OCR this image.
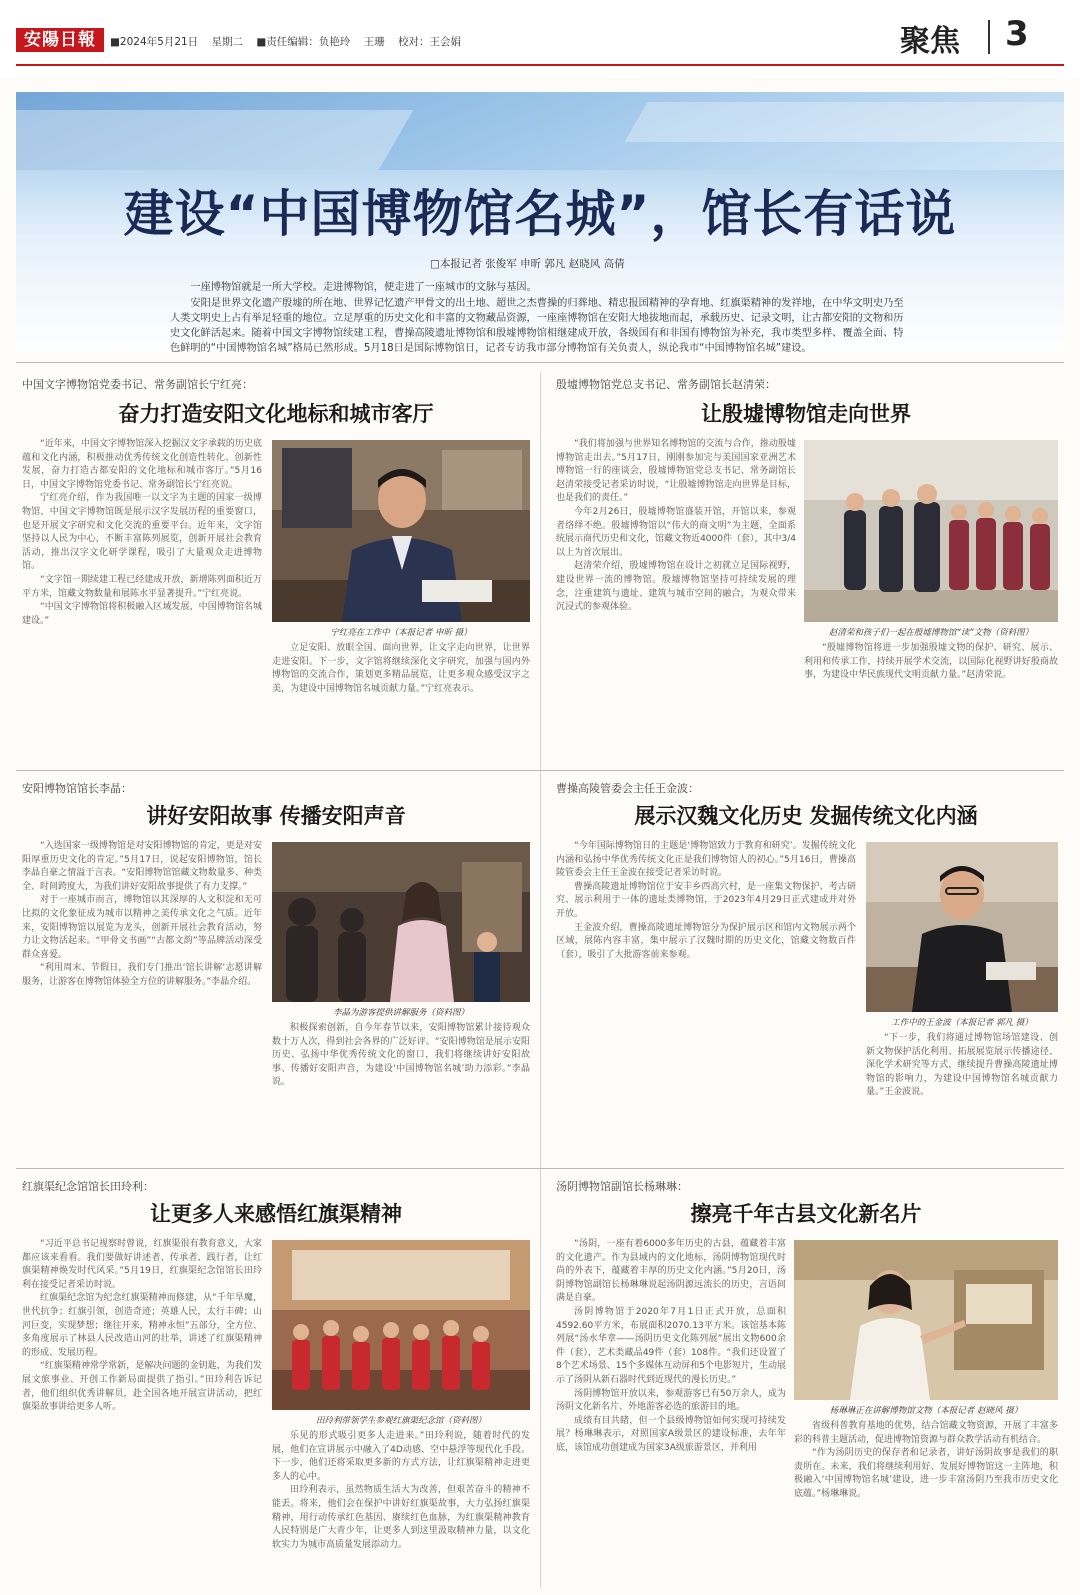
安陽日報	■2024年5月21日 星期二 ■责任编辑：负艳玲 王珊 校对：王会娟	聚焦 3
建设“中国博物馆名城”，馆长有话说
□本报记者 张俊军 申昕 郭凡 赵晓风 高倩

一座博物馆就是一所大学校。走进博物馆，便走进了一座城市的文脉与基因。

安阳是世界文化遗产殷墟的所在地、世界记忆遗产甲骨文的出土地、超世之杰曹操的归葬地、精忠报国精神的孕育地、红旗渠精神的发祥地，在中华文明史乃至人类文明史上占有举足轻重的地位。立足厚重的历史文化和丰富的文物藏品资源，一座座博物馆在安阳大地拔地而起，承载历史、记录文明，让古都安阳的文物和历史文化鲜活起来。随着中国文字博物馆续建工程，曹操高陵遗址博物馆和殷墟博物馆相继建成开放，各级国有和非国有博物馆为补充，我市类型多样、覆盖全面、特色鲜明的“中国博物馆名城”格局已然形成。5月18日是国际博物馆日，记者专访我市部分博物馆有关负责人，纵论我市“中国博物馆名城”建设。

中国文字博物馆党委书记、常务副馆长宁红亮：
奋力打造安阳文化地标和城市客厅

“近年来，中国文字博物馆深入挖掘汉文字承载的历史底蕴和文化内涵，积极推动优秀传统文化创造性转化、创新性发展，奋力打造古都安阳的文化地标和城市客厅。”5月16日，中国文字博物馆党委书记、常务副馆长宁红亮说。

宁红亮介绍，作为我国唯一以文字为主题的国家一级博物馆，中国文字博物馆既是展示汉字发展历程的重要窗口，也是开展文字研究和文化交流的重要平台。近年来，文字馆坚持以人民为中心，不断丰富陈列展览，创新开展社会教育活动，推出汉字文化研学课程，吸引了大量观众走进博物馆。

“文字馆一期续建工程已经建成开放，新增陈列面积近万平方米，馆藏文物数量和展陈水平显著提升。”宁红亮说。

“中国文字博物馆将积极融入区域发展，中国博物馆名城建设。”

宁红亮在工作中（本报记者 申昕 摄）

立足安阳、放眼全国、面向世界，让文字走向世界，让世界走进安阳。下一步，文字馆将继续深化文字研究，加强与国内外博物馆的交流合作，策划更多精品展览，让更多观众感受汉字之美，为建设中国博物馆名城贡献力量。”宁红亮表示。

殷墟博物馆党总支书记、常务副馆长赵清荣：
让殷墟博物馆走向世界

“我们将加强与世界知名博物馆的交流与合作，推动殷墟博物馆走出去。”5月17日，刚刚参加完与美国国家亚洲艺术博物馆一行的座谈会，殷墟博物馆党总支书记、常务副馆长赵清荣接受记者采访时说，“让殷墟博物馆走向世界是目标，也是我们的责任。”

今年2月26日，殷墟博物馆盛装开馆，开馆以来，参观者络绎不绝。殷墟博物馆以“伟大的商文明”为主题，全面系统展示商代历史和文化，馆藏文物近4000件（套），其中3/4以上为首次展出。

赵清荣介绍，殷墟博物馆在设计之初就立足国际视野，建设世界一流的博物馆。殷墟博物馆坚持可持续发展的理念，注重建筑与遗址、建筑与城市空间的融合，为观众带来沉浸式的参观体验。

赵清荣和孩子们一起在殷墟博物馆“读”文物（资料图）

“殷墟博物馆将进一步加强殷墟文物的保护、研究、展示、利用和传承工作，持续开展学术交流，以国际化视野讲好殷商故事，为建设中华民族现代文明贡献力量。”赵清荣说。

安阳博物馆馆长李晶：
讲好安阳故事 传播安阳声音

“入选国家一级博物馆是对安阳博物馆的肯定，更是对安阳厚重历史文化的肯定。”5月17日，说起安阳博物馆，馆长李晶自豪之情溢于言表。“安阳博物馆馆藏文物数量多、种类全、时间跨度大，为我们讲好安阳故事提供了有力支撑。”

对于一座城市而言，博物馆以其深厚的人文积淀和无可比拟的文化象征成为城市以精神之美传承文化之气质。近年来，安阳博物馆以展览为龙头，创新开展社会教育活动，努力让文物活起来。“甲骨文书画”“古都文韵”等品牌活动深受群众喜爱。

“利用周末、节假日，我们专门推出‘馆长讲解’志愿讲解服务，让游客在博物馆体验全方位的讲解服务。”李晶介绍。

李晶为游客提供讲解服务（资料图）

积极探索创新，自今年春节以来，安阳博物馆累计接待观众数十万人次，得到社会各界的广泛好评。“安阳博物馆是展示安阳历史、弘扬中华优秀传统文化的窗口，我们将继续讲好安阳故事、传播好安阳声音，为建设‘中国博物馆名城’助力添彩。”李晶说。

曹操高陵管委会主任王金波：
展示汉魏文化历史 发掘传统文化内涵

“今年国际博物馆日的主题是‘博物馆致力于教育和研究’。发掘传统文化内涵和弘扬中华优秀传统文化正是我们博物馆人的初心。”5月16日，曹操高陵管委会主任王金波在接受记者采访时说。

曹操高陵遗址博物馆位于安丰乡西高穴村，是一座集文物保护、考古研究、展示利用于一体的遗址类博物馆，于2023年4月29日正式建成并对外开放。

王金波介绍，曹操高陵遗址博物馆分为保护展示区和馆内文物展示两个区域，展陈内容丰富，集中展示了汉魏时期的历史文化，馆藏文物数百件（套），吸引了大批游客前来参观。

工作中的王金波（本报记者 郭凡 摄）

“下一步，我们将通过博物馆场馆建设、创新文物保护活化利用、拓展展览展示传播途径、深化学术研究等方式，继续提升曹操高陵遗址博物馆的影响力，为建设中国博物馆名城贡献力量。”王金波说。

红旗渠纪念馆馆长田玲利：
让更多人来感悟红旗渠精神

“习近平总书记视察时曾说，红旗渠很有教育意义，大家都应该来看看。我们要做好讲述者、传承者、践行者，让红旗渠精神焕发时代风采。”5月19日，红旗渠纪念馆馆长田玲利在接受记者采访时说。

红旗渠纪念馆为纪念红旗渠精神而修建，从“千年旱魔，世代抗争；红旗引领，创造奇迹；英雄人民，太行丰碑；山河巨变，实现梦想；继往开来，精神永恒”五部分，全方位、多角度展示了林县人民改造山河的壮举，讲述了红旗渠精神的形成、发展历程。

“红旗渠精神常学常新，是解决问题的金钥匙，为我们发展文旅事业、开创工作新局面提供了指引。”田玲利告诉记者，他们组织优秀讲解员，赴全国各地开展宣讲活动，把红旗渠故事讲给更多人听。

田玲利带领学生参观红旗渠纪念馆（资料图）

乐见的形式吸引更多人走进来。”田玲利说，随着时代的发展，他们在宣讲展示中融入了4D动感、空中悬浮等现代化手段。下一步，他们还将采取更多新的方式方法，让红旗渠精神走进更多人的心中。

田玲利表示，虽然物质生活大为改善，但艰苦奋斗的精神不能丢。将来，他们会在保护中讲好红旗渠故事，大力弘扬红旗渠精神，用行动传承红色基因、赓续红色血脉，为红旗渠精神教育人民特别是广大青少年，让更多人到这里汲取精神力量，以文化软实力为城市高质量发展添动力。

汤阴博物馆副馆长杨琳琳：
擦亮千年古县文化新名片

“汤阴，一座有着6000多年历史的古县，蕴藏着丰富的文化遗产。作为县域内的文化地标，汤阴博物馆现代时尚的外表下，蕴藏着丰厚的历史文化内涵。”5月20日，汤阴博物馆副馆长杨琳琳说起汤阴源远流长的历史，言语间满是自豪。

汤阴博物馆于2020年7月1日正式开放，总面积4592.60平方米，布展面积2070.13平方米。该馆基本陈列展“汤水华章——汤阴历史文化陈列展”展出文物600余件（套），艺术类藏品49件（套）108件。“我们还设置了8个艺术场景、15个多媒体互动屏和5个电影短片，生动展示了汤阴从新石器时代到近现代的漫长历史。”

汤阴博物馆开放以来，参观游客已有50万余人，成为汤阴文化新名片、外地游客必选的旅游目的地。

成绩有目共睹，但一个县级博物馆如何实现可持续发展？杨琳琳表示，对照国家A级景区的建设标准，去年年底，该馆成功创建成为国家3A级旅游景区，并利用

杨琳琳正在讲解博物馆文物（本报记者 赵晓风 摄）

省级科普教育基地的优势，结合馆藏文物资源，开展了丰富多彩的科普主题活动，促进博物馆资源与群众教学活动有机结合。

“作为汤阴历史的保存者和记录者，讲好汤阴故事是我们的职责所在。未来，我们将继续利用好、发展好博物馆这一主阵地，积极融入‘中国博物馆名城’建设，进一步丰富汤阴乃至我市历史文化底蕴。”杨琳琳说。
